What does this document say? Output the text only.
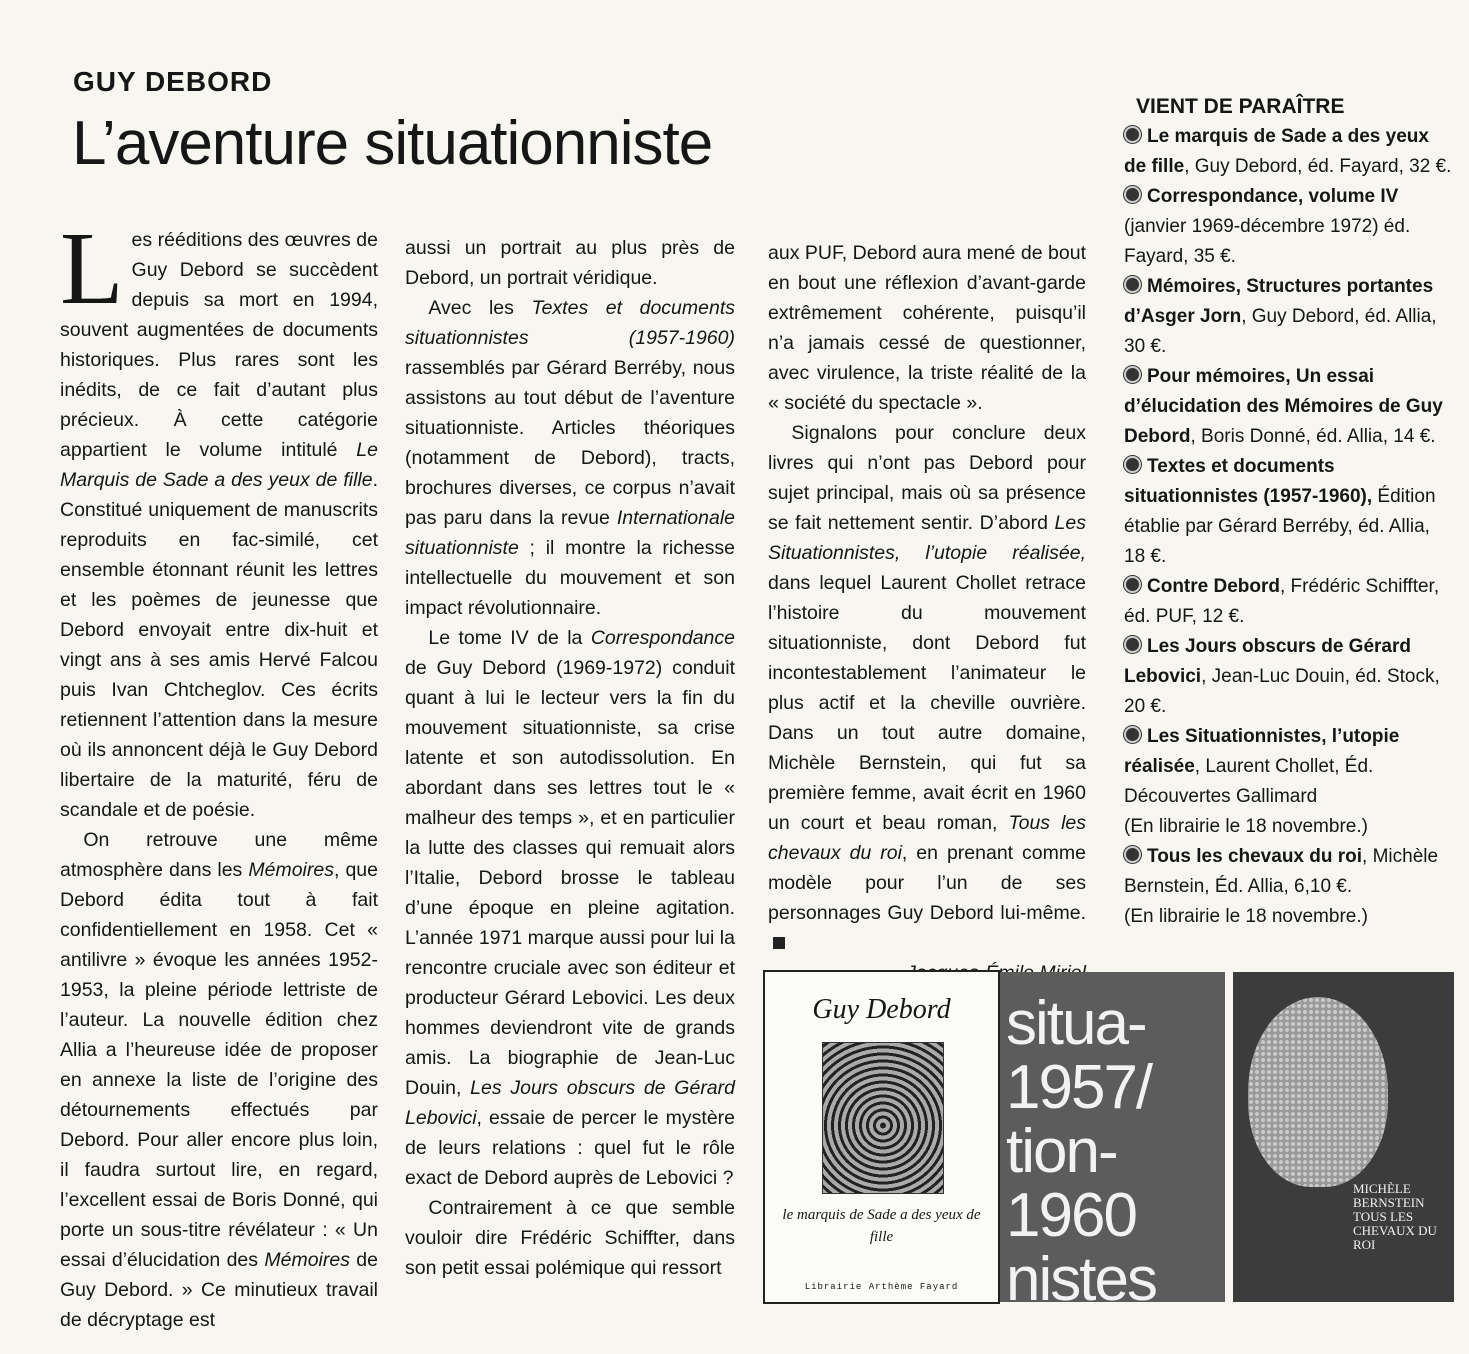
GUY DEBORD
L’aventure situationniste

Les rééditions des œuvres de Guy Debord se succèdent depuis sa mort en 1994, souvent augmentées de documents historiques. Plus rares sont les inédits, de ce fait d’autant plus précieux. À cette catégorie appartient le volume intitulé Le Marquis de Sade a des yeux de fille. Constitué uniquement de manuscrits reproduits en fac-similé, cet ensemble étonnant réunit les lettres et les poèmes de jeunesse que Debord envoyait entre dix-huit et vingt ans à ses amis Hervé Falcou puis Ivan Chtcheglov. Ces écrits retiennent l’attention dans la mesure où ils annoncent déjà le Guy Debord libertaire de la maturité, féru de scandale et de poésie.

On retrouve une même atmosphère dans les Mémoires, que Debord édita tout à fait confidentiellement en 1958. Cet « antilivre » évoque les années 1952-1953, la pleine période lettriste de l’auteur. La nouvelle édition chez Allia a l’heureuse idée de proposer en annexe la liste de l’origine des détournements effectués par Debord. Pour aller encore plus loin, il faudra surtout lire, en regard, l’excellent essai de Boris Donné, qui porte un sous-titre révélateur : « Un essai d’élucidation des Mémoires de Guy Debord. » Ce minutieux travail de décryptage est

aussi un portrait au plus près de Debord, un portrait véridique.

Avec les Textes et documents situationnistes (1957-1960) rassemblés par Gérard Berréby, nous assistons au tout début de l’aventure situationniste. Articles théoriques (notamment de Debord), tracts, brochures diverses, ce corpus n’avait pas paru dans la revue Internationale situationniste ; il montre la richesse intellectuelle du mouvement et son impact révolutionnaire.

Le tome IV de la Correspondance de Guy Debord (1969-1972) conduit quant à lui le lecteur vers la fin du mouvement situationniste, sa crise latente et son autodissolution. En abordant dans ses lettres tout le « malheur des temps », et en particulier la lutte des classes qui remuait alors l’Italie, Debord brosse le tableau d’une époque en pleine agitation. L’année 1971 marque aussi pour lui la rencontre cruciale avec son éditeur et producteur Gérard Lebovici. Les deux hommes deviendront vite de grands amis. La biographie de Jean-Luc Douin, Les Jours obscurs de Gérard Lebovici, essaie de percer le mystère de leurs relations : quel fut le rôle exact de Debord auprès de Lebovici ?

Contrairement à ce que semble vouloir dire Frédéric Schiffter, dans son petit essai polémique qui ressort

aux PUF, Debord aura mené de bout en bout une réflexion d’avant-garde extrêmement cohérente, puisqu’il n’a jamais cessé de questionner, avec virulence, la triste réalité de la « société du spectacle ».

Signalons pour conclure deux livres qui n’ont pas Debord pour sujet principal, mais où sa présence se fait nettement sentir. D’abord Les Situationnistes, l’utopie réalisée, dans lequel Laurent Chollet retrace l’histoire du mouvement situationniste, dont Debord fut incontestablement l’animateur le plus actif et la cheville ouvrière. Dans un tout autre domaine, Michèle Bernstein, qui fut sa première femme, avait écrit en 1960 un court et beau roman, Tous les chevaux du roi, en prenant comme modèle pour l’un de ses personnages Guy Debord lui-même.

VIENT DE PARAÎTRE

Le marquis de Sade a des yeux de fille, Guy Debord, éd. Fayard, 32 €.

Correspondance, volume IV (janvier 1969-décembre 1972) éd. Fayard, 35 €.

Mémoires, Structures portantes d’Asger Jorn, Guy Debord, éd. Allia, 30 €.

Pour mémoires, Un essai d’élucidation des Mémoires de Guy Debord, Boris Donné, éd. Allia, 14 €.

Textes et documents situationnistes (1957-1960), Édition établie par Gérard Berréby, éd. Allia, 18 €.

Contre Debord, Frédéric Schiffter, éd. PUF, 12 €.

Les Jours obscurs de Gérard Lebovici, Jean-Luc Douin, éd. Stock, 20 €.

Les Situationnistes, l’utopie réalisée, Laurent Chollet, Éd. Découvertes Gallimard
(En librairie le 18 novembre.)

Tous les chevaux du roi, Michèle Bernstein, Éd. Allia, 6,10 €.
(En librairie le 18 novembre.)

Guy Debord
le marquis de Sade a des yeux de fille
Librairie Arthème Fayard
situa-
1957/
tion-
1960
nistes
MICHÈLE BERNSTEIN
TOUS LES CHEVAUX DU ROI
